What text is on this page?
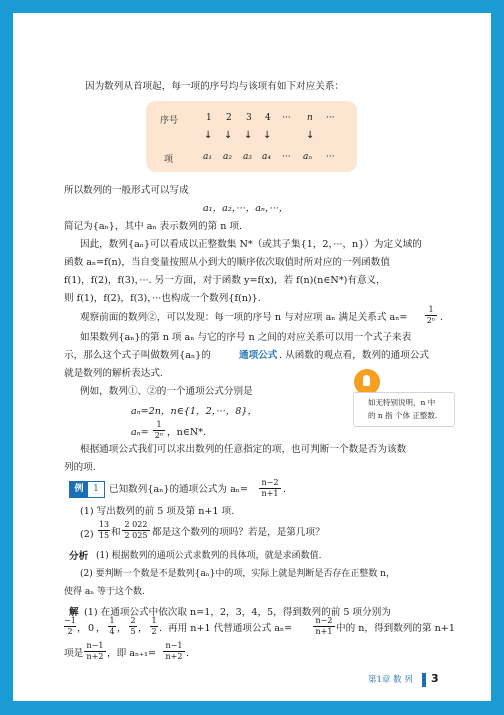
因为数列从首项起，每一项的序号均与该项有如下对应关系：
序号	1 2 3 4 ··· n ···
↓ ↓ ↓ ↓	↓
项	a₁ a₂ a₃ a₄ ··· aₙ ···
所以数列的一般形式可以写成
a₁，a₂，···，aₙ，···，
简记为{aₙ}，其中 aₙ 表示数列的第 n 项.
因此，数列{aₙ}可以看成以正整数集 N*（或其子集{1，2，···，n}）为定义域的
函数 aₙ=f(n)，当自变量按照从小到大的顺序依次取值时所对应的一列函数值
f(1)，f(2)，f(3)，···. 另一方面，对于函数 y=f(x)，若 f(n)(n∈N*)有意义，
则 f(1)，f(2)，f(3)，···也构成一个数列{f(n)}.
观察前面的数列②，可以发现：每一项的序号 n 与对应项 aₙ 满足关系式 $a_n= \frac{1}{\text{2ⁿ}}$ .
如果数列{aₙ}的第 n 项 aₙ 与它的序号 n 之间的对应关系可以用一个式子来表
示，那么这个式子叫做数列{aₙ}的	通项公式 . 从函数的观点看，数列的通项公式
就是数列的解析表达式.
例如，数列①、②的一个通项公式分别是
aₙ=2n，n∈{1，2，···，8}，
$a_n= \frac{1}{\text{2ⁿ}}$ ，n∈N*.
如无特别说明，n 中
的 n 指 个体 正整数.
根据通项公式我们可以求出数列的任意指定的项，也可判断一个数是否为该数
列的项.
例	1	已知数列{aₙ}的通项公式为 $a_n= \frac{n-2}{n+1}$ .
(1) 写出数列的前 5 项及第 n+1 项.
$(2) \frac{13}{15}$ 和 $\frac{2 022}{2 025}$ 都是这个数列的项吗？若是，是第几项？
分析 (1) 根据数列的通项公式求数列的具体项，就是求函数值.
(2) 要判断一个数是不是数列{aₙ}中的项，实际上就是判断是否存在正整数 n，
使得 aₙ 等于这个数.
解 (1) 在通项公式中依次取 n=1，2，3，4，5，得到数列的前 5 项分别为
−1
2 ， 0 ， $\frac{1}{4}$ ， $\frac{2}{5}$ ， $\frac{1}{2}$ . 再用 n+1 代替通项公式 aₙ=	$\frac{n-2}{n+1}$ 中的 n，得到数列的第 n+1
项是 $\frac{n-1}{n+2}$ ，即 $a_{n+1}= \frac{n-1}{n+2}$ .
第1章 数 列 3
